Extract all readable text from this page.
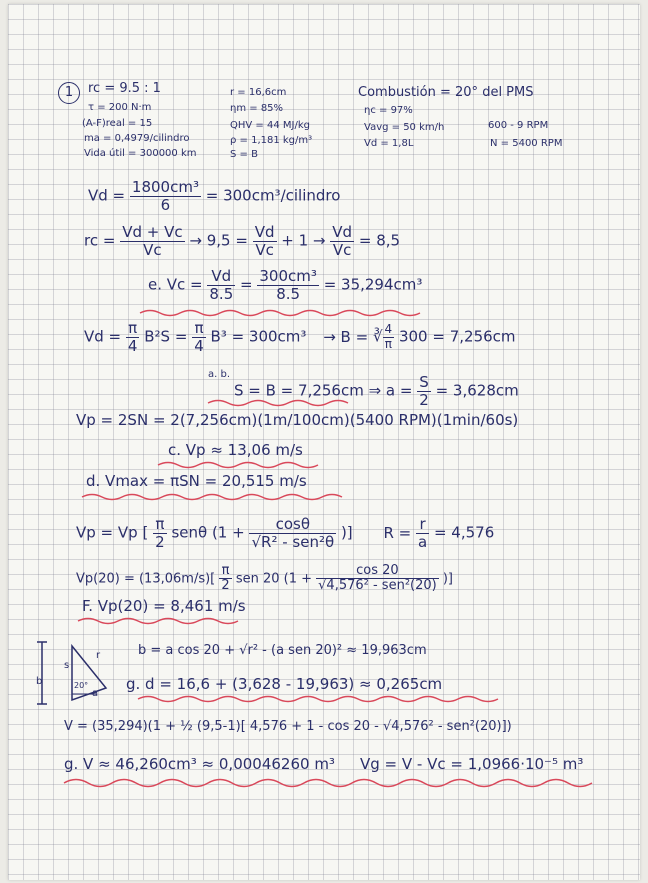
1	rc = 9.5 : 1
τ = 200 N·m
(A-F)real = 15
ma = 0,4979/cilindro
Vida útil = 300000 km
r = 16,6cm
ηm = 85%
QHV = 44 MJ/kg
ρ = 1,181 kg/m³
S = B
Combustión = 20° del PMS
ηc = 97%
Vavg = 50 km/h
Vd = 1,8L
600 - 9 RPM
N = 5400 RPM
$Vd = \frac{\text{1800cm³}}{6}$ = 300cm³/cilindro
rc = $\frac{Vd + Vc}{Vc} \to 9,5 = \frac{Vd}{Vc} + 1 \to \frac{Vd}{Vc} = 8,5$
e. $Vc = \frac{Vd}{8.5} = \frac{\text{300cm³}}{8.5} = 35,294cm^3$
$Vd = \frac{\pi}{4} B^2S = \frac{\pi}{4} B^3 = 300cm^3 \to B$ = ∛ $\frac{4}{\pi} 300 = 7,256cm$
a. b.
S = B = 7,256cm ⇒ $a = \frac{S}{2} = 3,628cm$
Vp = 2SN = 2(7,256cm)(1m/100cm)(5400 RPM)(1min/60s)
c. Vp ≈ 13,06 m/s
d. Vmax = πSN = 20,515 m/s
Vp = Vp [ $\frac{\pi}{2}$ senθ ($1 + \frac{\cos\theta}{\text{√R² - sen²θ}}$ )] $R = \frac{r}{a} = 4,576$
$Vp(20) = (13,06m/s)[ \frac{\pi}{2}$ sen 20 ($1 + \frac{\cos 20}{\text{√4,576² - sen²(20)}}$ )]
F. Vp(20) = 8,461 m/s
s
r
b
a
20°
b = a cos 20 + √r² - (a sen 20)² ≈ 19,963cm
g. d = 16,6 + (3,628 - 19,963) ≈ 0,265cm
V = (35,294)(1 + ½ (9,5-1)[ 4,576 + 1 - cos 20 - √4,576² - sen²(20)])
g. V ≈ 46,260cm³ ≈ 0,00046260 m³ Vg = V - Vc = 1,0966·10⁻⁵ m³
